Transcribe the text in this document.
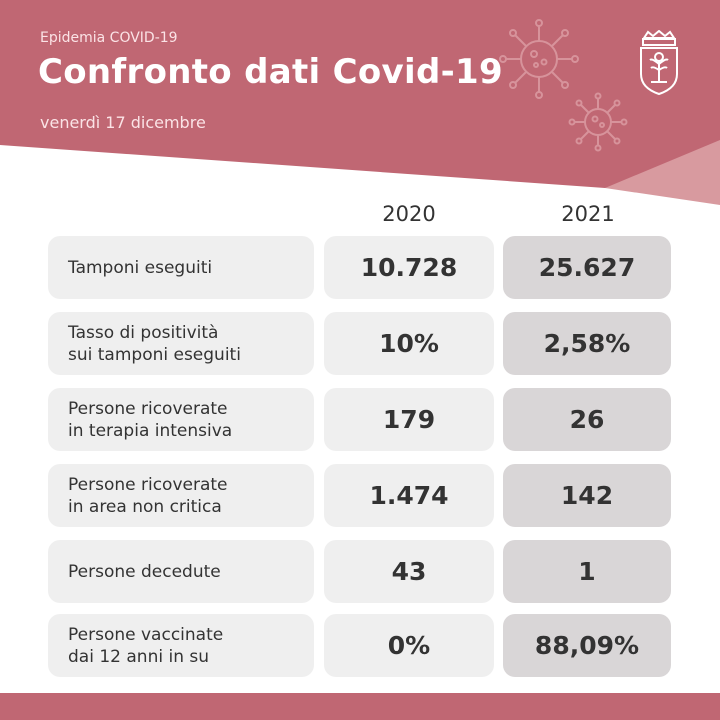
Epidemia COVID-19
Confronto dati Covid-19
venerdì 17 dicembre
2020	2021
Tamponi eseguiti	10.728	25.627
Tasso di positività
sui tamponi eseguiti	10%	2,58%
Persone ricoverate
in terapia intensiva	179	26
Persone ricoverate
in area non critica	1.474	142
Persone decedute	43	1
Persone vaccinate
dai 12 anni in su	0%	88,09%
